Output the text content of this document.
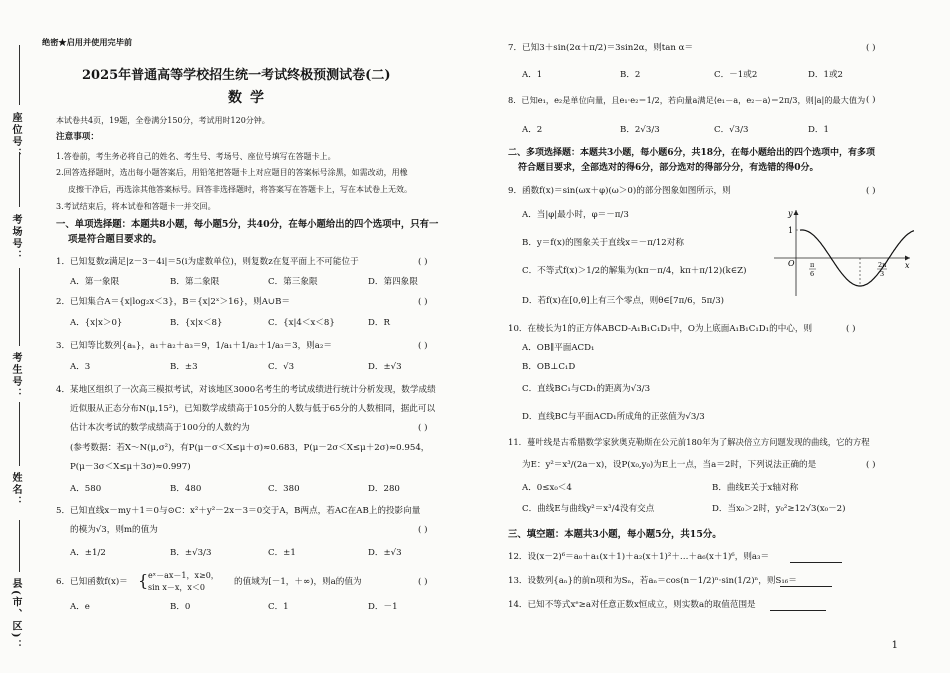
座位号：
考场号：
考生号：
姓名：
县(市、区)：
绝密★启用并使用完毕前
2025年普通高等学校招生统一考试终极预测试卷(二)
数学
本试卷共4页，19题，全卷满分150分，考试用时120分钟。
注意事项：
1.答卷前，考生务必将自己的姓名、考生号、考场号、座位号填写在答题卡上。
2.回答选择题时，选出每小题答案后，用铅笔把答题卡上对应题目的答案标号涂黑，如需改动，用橡
皮擦干净后，再选涂其他答案标号。回答非选择题时，将答案写在答题卡上，写在本试卷上无效。
3.考试结束后，将本试卷和答题卡一并交回。
一、单项选择题：本题共8小题，每小题5分，共40分，在每小题给出的四个选项中，只有一
项是符合题目要求的。
1．已知复数z满足|z－3－4i|＝5(i为虚数单位)，则复数z在复平面上不可能位于	( )
A．第一象限	B．第二象限	C．第三象限	D．第四象限
2．已知集合A＝{x|log₂x＜3}，B＝{x|2ˣ＞16}，则A∪B＝	( )
A．{x|x＞0}	B．{x|x＜8}	C．{x|4＜x＜8}	D．R
3．已知等比数列{aₙ}，a₁＋a₂＋a₃＝9，1/a₁＋1/a₂＋1/a₃＝3，则a₂＝	( )
A．3	B．±3	C．√3	D．±√3
4．某地区组织了一次高三模拟考试，对该地区3000名考生的考试成绩进行统计分析发现，数学成绩
近似服从正态分布N(μ,15²)，已知数学成绩高于105分的人数与低于65分的人数相同，据此可以
估计本次考试的数学成绩高于100分的人数约为	( )
(参考数据：若X～N(μ,σ²)，有P(μ－σ＜X≤μ＋σ)≈0.683，P(μ－2σ＜X≤μ＋2σ)≈0.954，
P(μ－3σ＜X≤μ＋3σ)≈0.997)
A．580	B．480	C．380	D．280
5．已知直线x－my＋1＝0与⊙C：x²＋y²－2x－3＝0交于A，B两点，若AC在AB上的投影向量
的模为√3，则m的值为	( )
A．±1/2	B．±√3/3	C．±1	D．±√3
6．已知函数f(x)＝ { eˣ－ax－1，x≥0，
sin x－x，x＜0
的值域为[－1，＋∞)，则a的值为	( )
A．e	B．0	C．1	D．－1
7．已知3＋sin(2α＋π/2)＝3sin2α，则tan α＝	( )
A．1	B．2	C．－1或2	D．1或2
8．已知e₁，e₂是单位向量，且e₁·e₂＝1/2，若向量a满足⟨e₁－a，e₂－a⟩＝2π/3，则|a|的最大值为 ( )
A．2	B．2√3/3	C．√3/3	D．1
二、多项选择题：本题共3小题，每小题6分，共18分，在每小题给出的四个选项中，有多项
符合题目要求，全部选对的得6分，部分选对的得部分分，有选错的得0分。
9．函数f(x)＝sin(ωx＋φ)(ω＞0)的部分图象如图所示，则	( )
A．当|φ|最小时，φ＝－π/3
B．y＝f(x)的图象关于直线x＝－π/12对称
C．不等式f(x)＞1/2的解集为(kπ－π/4，kπ＋π/12)(k∈Z)
D．若f(x)在[0,θ]上有三个零点，则θ∈[7π/6，5π/3)
y
x
O
1
π
6
2π
3
10．在棱长为1的正方体ABCD-A₁B₁C₁D₁中，O为上底面A₁B₁C₁D₁的中心，则	( )
A．OB∥平面ACD₁
B．OB⊥C₁D
C．直线BC₁与CD₁的距离为√3/3
D．直线BC与平面ACD₁所成角的正弦值为√3/3
11．蔓叶线是古希腊数学家狄奥克勒斯在公元前180年为了解决倍立方问题发现的曲线，它的方程
为E：y²＝x³/(2a－x)，设P(x₀,y₀)为E上一点，当a＝2时，下列说法正确的是	( )
A．0≤x₀＜4	B．曲线E关于x轴对称
C．曲线E与曲线y²＝x³/4没有交点	D．当x₀＞2时，y₀²≥12√3(x₀－2)
三、填空题：本题共3小题，每小题5分，共15分。
12．设(x－2)⁶＝a₀＋a₁(x＋1)＋a₂(x＋1)²＋…＋a₆(x＋1)⁶，则a₃＝
13．设数列{aₙ}的前n项和为Sₙ，若aₙ＝cos(n－1/2)ⁿ·sin(1/2)ⁿ，则S₁₆＝
14．已知不等式xᵉ≥a对任意正数x恒成立，则实数a的取值范围是
1
